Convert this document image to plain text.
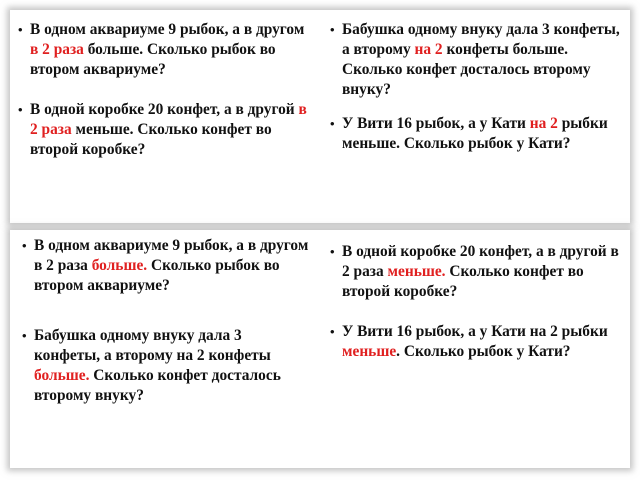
• В одном аквариуме 9 рыбок, а в другом в 2 раза больше. Сколько рыбок во втором аквариуме?

• В одной коробке 20 конфет, а в другой в 2 раза меньше. Сколько конфет во второй коробке?

• Бабушка одному внуку дала 3 конфеты, а второму на 2 конфеты больше. Сколько конфет досталось второму внуку?

• У Вити 16 рыбок, а у Кати на 2 рыбки меньше. Сколько рыбок у Кати?

• В одном аквариуме 9 рыбок, а в другом в 2 раза больше. Сколько рыбок во втором аквариуме?

• Бабушка одному внуку дала 3 конфеты, а второму на 2 конфеты больше. Сколько конфет досталось второму внуку?

• В одной коробке 20 конфет, а в другой в 2 раза меньше. Сколько конфет во второй коробке?

• У Вити 16 рыбок, а у Кати на 2 рыбки меньше. Сколько рыбок у Кати?
